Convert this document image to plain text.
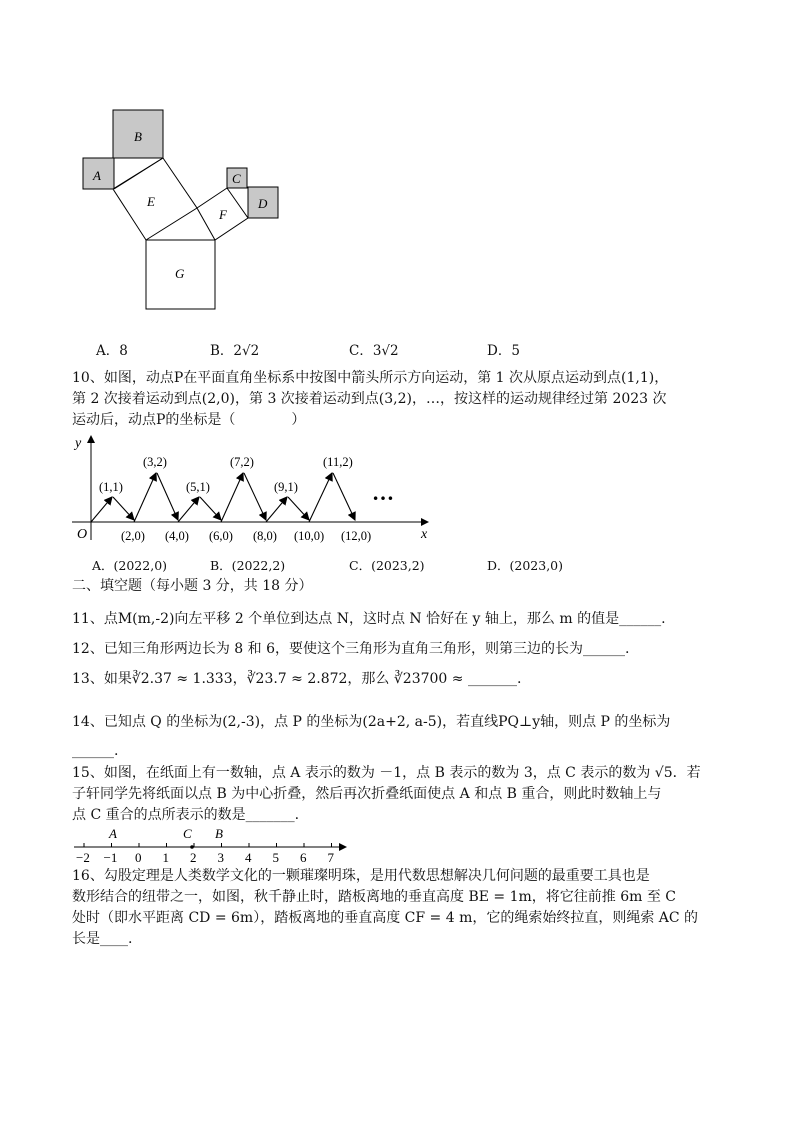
B
A
E
C
D
F
G
A．8	B．2√2	C．3√2	D．5
10、如图，动点P在平面直角坐标系中按图中箭头所示方向运动，第 1 次从原点运动到点(1,1)，
第 2 次接着运动到点(2,0)，第 3 次接着运动到点(3,2)，…，按这样的运动规律经过第 2023 次
运动后，动点P的坐标是（　　　　）
y
x
O
(1,1)
(3,2)
(5,1)
(7,2)
(9,1)
(11,2)
(2,0) (4,0) (6,0) (8,0) (10,0) (12,0)
…
A．(2022,0)	B．(2022,2)	C．(2023,2)	D．(2023,0)
二、填空题（每小题 3 分，共 18 分）
11、点M(m,-2)向左平移 2 个单位到达点 N，这时点 N 恰好在 y 轴上，那么 m 的值是______.
12、已知三角形两边长为 8 和 6，要使这个三角形为直角三角形，则第三边的长为______.
13、如果∛2.37 ≈ 1.333，∛23.7 ≈ 2.872，那么 ∛23700 ≈ _______.
14、已知点 Q 的坐标为(2,-3)，点 P 的坐标为(2a+2, a-5)，若直线PQ⊥y轴，则点 P 的坐标为
______.
15、如图，在纸面上有一数轴，点 A 表示的数为 －1，点 B 表示的数为 3，点 C 表示的数为 √5．若
子轩同学先将纸面以点 B 为中心折叠，然后再次折叠纸面使点 A 和点 B 重合，则此时数轴上与
点 C 重合的点所表示的数是_______.
−2 −1 0 1 2 3 4 5 6 7
A	C B
16、勾股定理是人类数学文化的一颗璀璨明珠，是用代数思想解决几何问题的最重要工具也是
数形结合的纽带之一，如图，秋千静止时，踏板离地的垂直高度 BE = 1m，将它往前推 6m 至 C
处时（即水平距离 CD = 6m），踏板离地的垂直高度 CF = 4 m，它的绳索始终拉直，则绳索 AC 的
长是____.
